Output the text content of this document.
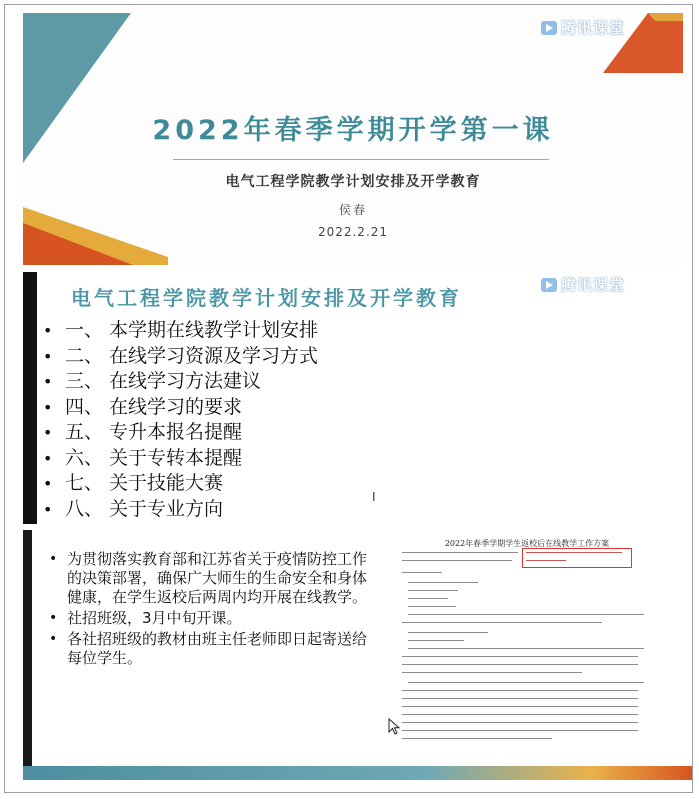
腾讯课堂
2022年春季学期开学第一课
电气工程学院教学计划安排及开学教育
侯春
2022.2.21
腾讯课堂
电气工程学院教学计划安排及开学教育
• 一、 本学期在线教学计划安排
• 二、 在线学习资源及学习方式
• 三、 在线学习方法建议
• 四、 在线学习的要求
• 五、 专升本报名提醒
• 六、 关于专转本提醒
• 七、 关于技能大赛
• 八、 关于专业方向
I
• 为贯彻落实教育部和江苏省关于疫情防控工作的决策部署，确保广大师生的生命安全和身体健康，在学生返校后两周内均开展在线教学。
• 社招班级，3月中旬开课。
• 各社招班级的教材由班主任老师即日起寄送给每位学生。
2022年春季学期学生返校后在线教学工作方案
